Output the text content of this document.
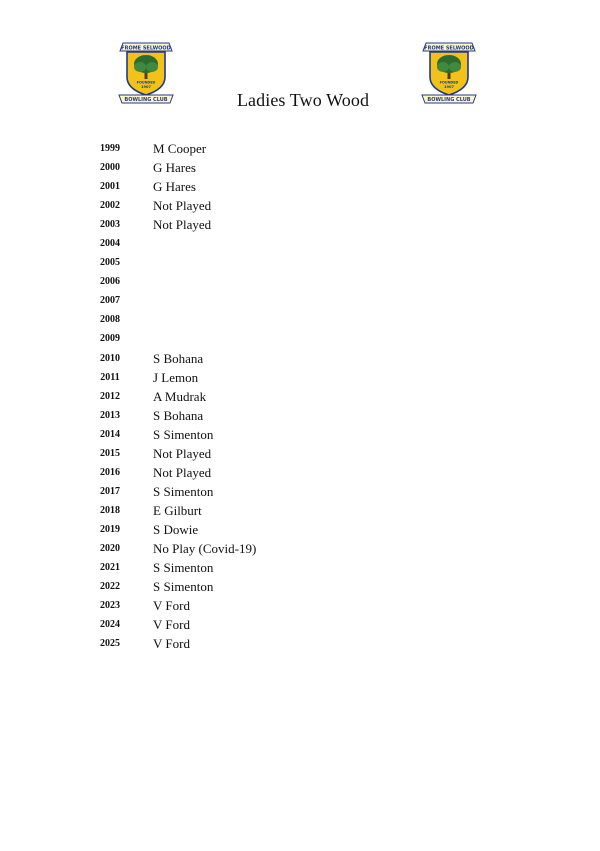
FROME SELWOOD
FOUNDED
1907
BOWLING CLUB
FROME SELWOOD
FOUNDED
1907
BOWLING CLUB
Ladies Two Wood
1999	M Cooper
2000	G Hares
2001	G Hares
2002	Not Played
2003	Not Played
2004
2005
2006
2007
2008
2009
2010	S Bohana
2011	J Lemon
2012	A Mudrak
2013	S Bohana
2014	S Simenton
2015	Not Played
2016	Not Played
2017	S Simenton
2018	E Gilburt
2019	S Dowie
2020	No Play (Covid-19)
2021	S Simenton
2022	S Simenton
2023	V Ford
2024	V Ford
2025	V Ford
